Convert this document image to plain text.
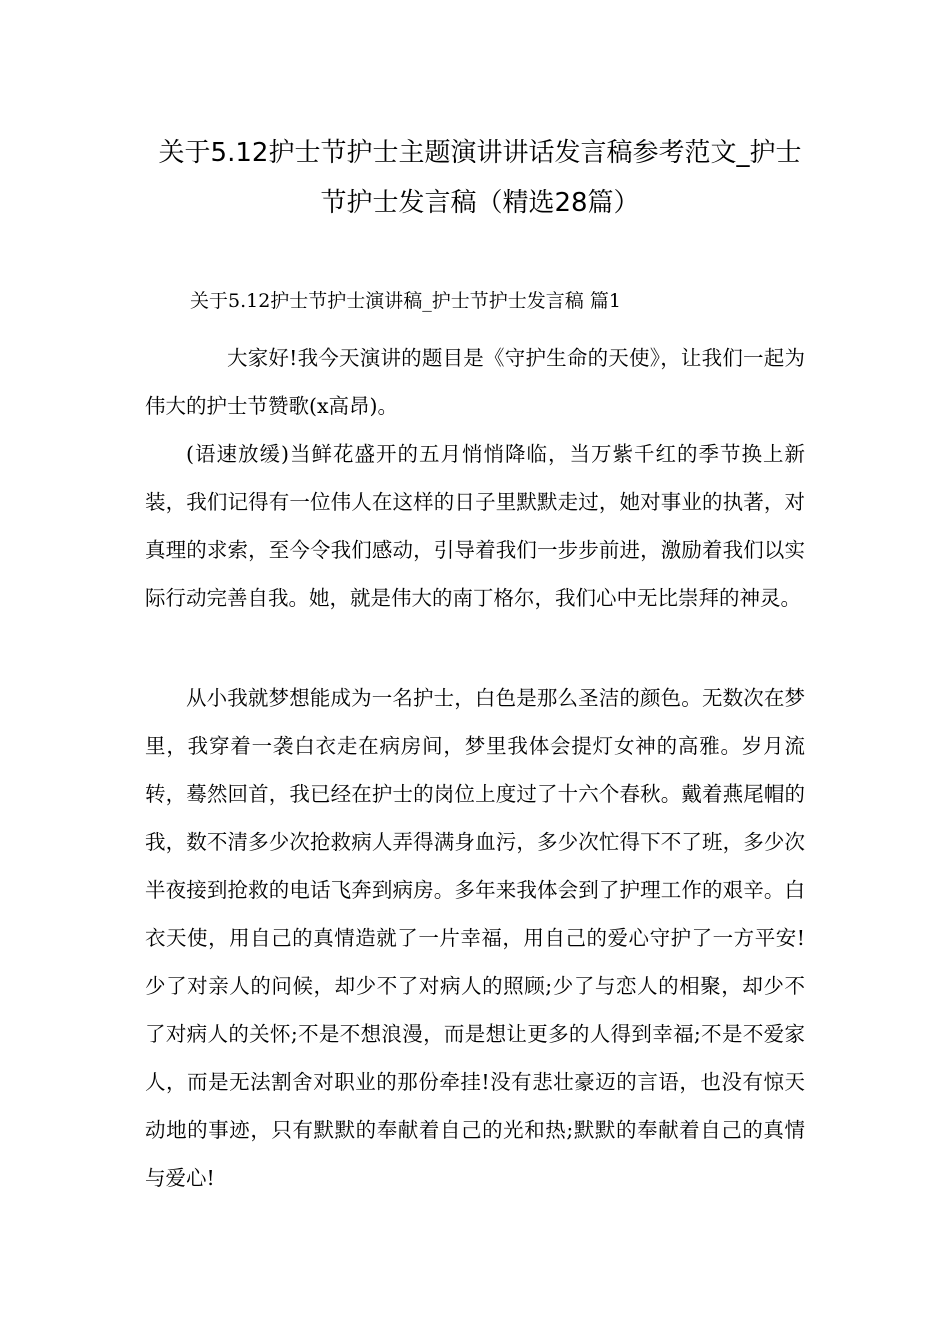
关于5.12护士节护士主题演讲讲话发言稿参考范文_护士节护士发言稿（精选28篇）
关于5.12护士节护士演讲稿_护士节护士发言稿 篇1

大家好!我今天演讲的题目是《守护生命的天使》，让我们一起为伟大的护士节赞歌(x高昂)。

(语速放缓)当鲜花盛开的五月悄悄降临，当万紫千红的季节换上新装，我们记得有一位伟人在这样的日子里默默走过，她对事业的执著，对真理的求索，至今令我们感动，引导着我们一步步前进，激励着我们以实际行动完善自我。她，就是伟大的南丁格尔，我们心中无比崇拜的神灵。

从小我就梦想能成为一名护士，白色是那么圣洁的颜色。无数次在梦里，我穿着一袭白衣走在病房间，梦里我体会提灯女神的高雅。岁月流转，蓦然回首，我已经在护士的岗位上度过了十六个春秋。戴着燕尾帽的我，数不清多少次抢救病人弄得满身血污，多少次忙得下不了班，多少次半夜接到抢救的电话飞奔到病房。多年来我体会到了护理工作的艰辛。白衣天使，用自己的真情造就了一片幸福，用自己的爱心守护了一方平安!少了对亲人的问候，却少不了对病人的照顾;少了与恋人的相聚，却少不了对病人的关怀;不是不想浪漫，而是想让更多的人得到幸福;不是不爱家人，而是无法割舍对职业的那份牵挂!没有悲壮豪迈的言语，也没有惊天动地的事迹，只有默默的奉献着自己的光和热;默默的奉献着自己的真情与爱心!
